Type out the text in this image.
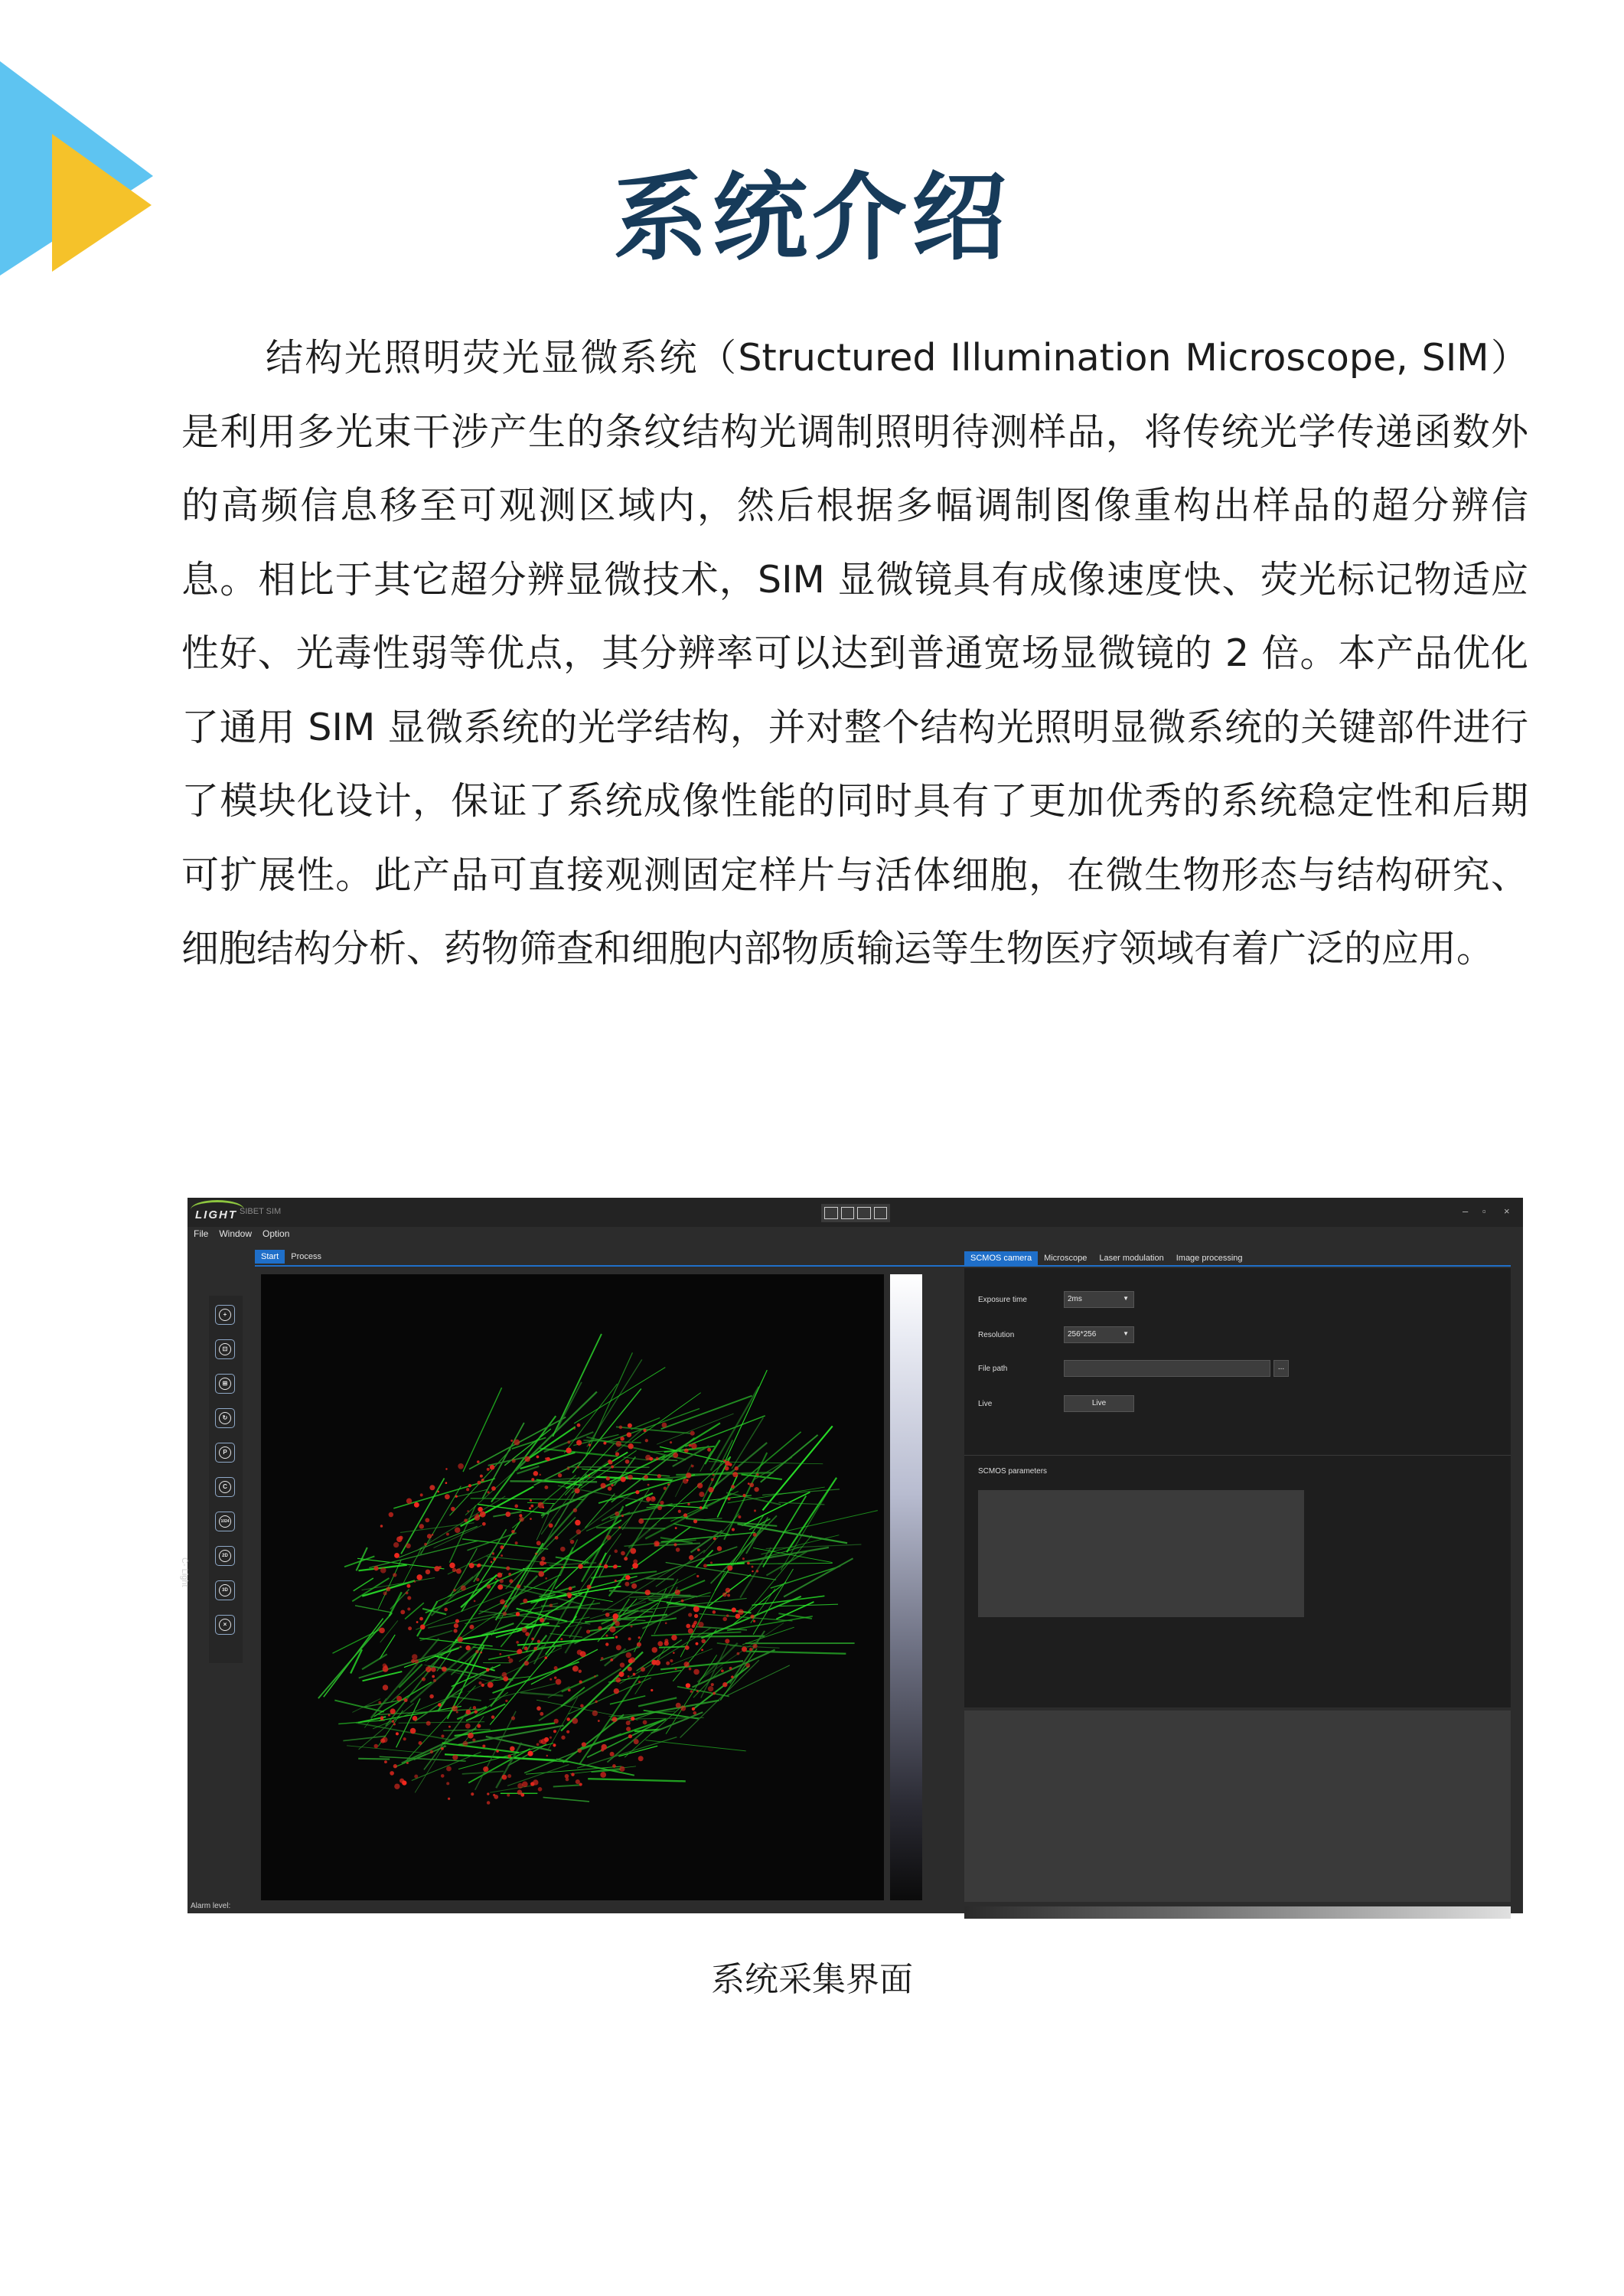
系统介绍
结构光照明荧光显微系统（Structured Illumination Microscope, SIM）是利用多光束干涉产生的条纹结构光调制照明待测样品，将传统光学传递函数外的高频信息移至可观测区域内，然后根据多幅调制图像重构出样品的超分辨信息。相比于其它超分辨显微技术，SIM 显微镜具有成像速度快、荧光标记物适应性好、光毒性弱等优点，其分辨率可以达到普通宽场显微镜的 2 倍。本产品优化了通用 SIM 显微系统的光学结构，并对整个结构光照明显微系统的关键部件进行了模块化设计，保证了系统成像性能的同时具有了更加优秀的系统稳定性和后期可扩展性。此产品可直接观测固定样片与活体细胞，在微生物形态与结构研究、细胞结构分析、药物筛查和细胞内部物质输运等生物医疗领域有着广泛的应用。
LIGHT SIBET SIM	– ▫ ×
File Window Option
Start	Process
+
⊡
⊞
↻
P
C
1024
2D
3D
×
C- Light
SCMOS camera	Microscope	Laser modulation	Image processing
Exposure time	2ms	▼
Resolution	256*256	▼
File path	...
Live	Live
SCMOS parameters
Alarm level:
系统采集界面
